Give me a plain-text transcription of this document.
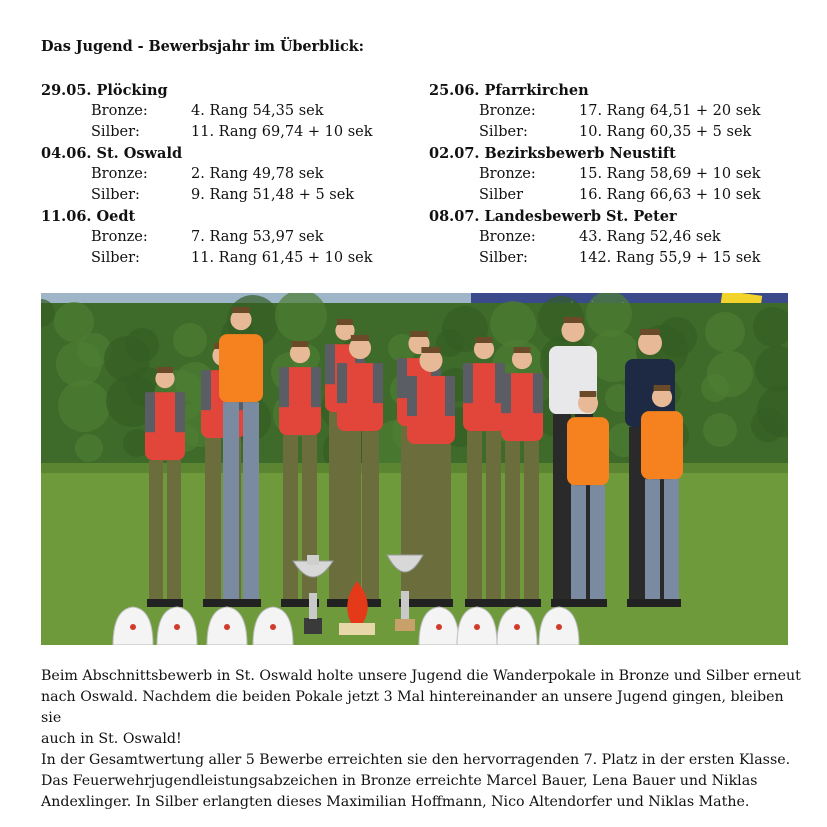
Das Jugend - Bewerbsjahr im Überblick:
29.05. Plöcking
Bronze:	4. Rang 54,35 sek
Silber:	11. Rang 69,74 + 10 sek
04.06. St. Oswald
Bronze:	2. Rang 49,78 sek
Silber:	9. Rang 51,48 + 5 sek
11.06. Oedt
Bronze:	7. Rang 53,97 sek
Silber:	11. Rang 61,45 + 10 sek
25.06. Pfarrkirchen
Bronze:	17. Rang 64,51 + 20 sek
Silber:	10. Rang 60,35 + 5 sek
02.07. Bezirksbewerb Neustift
Bronze:	15. Rang 58,69 + 10 sek
Silber	16. Rang 66,63 + 10 sek
08.07. Landesbewerb St. Peter
Bronze:	43. Rang 52,46 sek
Silber:	142. Rang 55,9 + 15 sek

Beim Abschnittsbewerb in St. Oswald holte unsere Jugend die Wanderpokale in Bronze und Silber erneut

nach Oswald. Nachdem die beiden Pokale jetzt 3 Mal hintereinander an unsere Jugend gingen, bleiben sie

auch in St. Oswald!

In der Gesamtwertung aller 5 Bewerbe erreichten sie den hervorragenden 7. Platz in der ersten Klasse.

Das Feuerwehrjugendleistungsabzeichen in Bronze erreichte Marcel Bauer, Lena Bauer und Niklas

Andexlinger. In Silber erlangten dieses Maximilian Hoffmann, Nico Altendorfer und Niklas Mathe.
